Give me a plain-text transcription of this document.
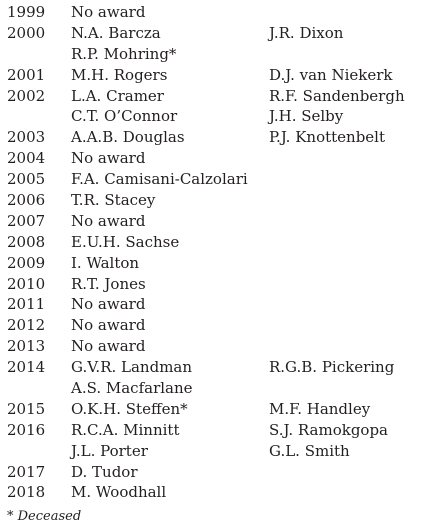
1999 No award
2000 N.A. Barcza	J.R. Dixon
R.P. Mohring*
2001 M.H. Rogers	D.J. van Niekerk
2002 L.A. Cramer	R.F. Sandenbergh
C.T. O’Connor	J.H. Selby
2003 A.A.B. Douglas	P.J. Knottenbelt
2004 No award
2005 F.A. Camisani-Calzolari
2006 T.R. Stacey
2007 No award
2008 E.U.H. Sachse
2009 I. Walton
2010 R.T. Jones
2011 No award
2012 No award
2013 No award
2014 G.V.R. Landman	R.G.B. Pickering
A.S. Macfarlane
2015 O.K.H. Steffen*	M.F. Handley
2016 R.C.A. Minnitt	S.J. Ramokgopa
J.L. Porter	G.L. Smith
2017 D. Tudor
2018 M. Woodhall
* Deceased
